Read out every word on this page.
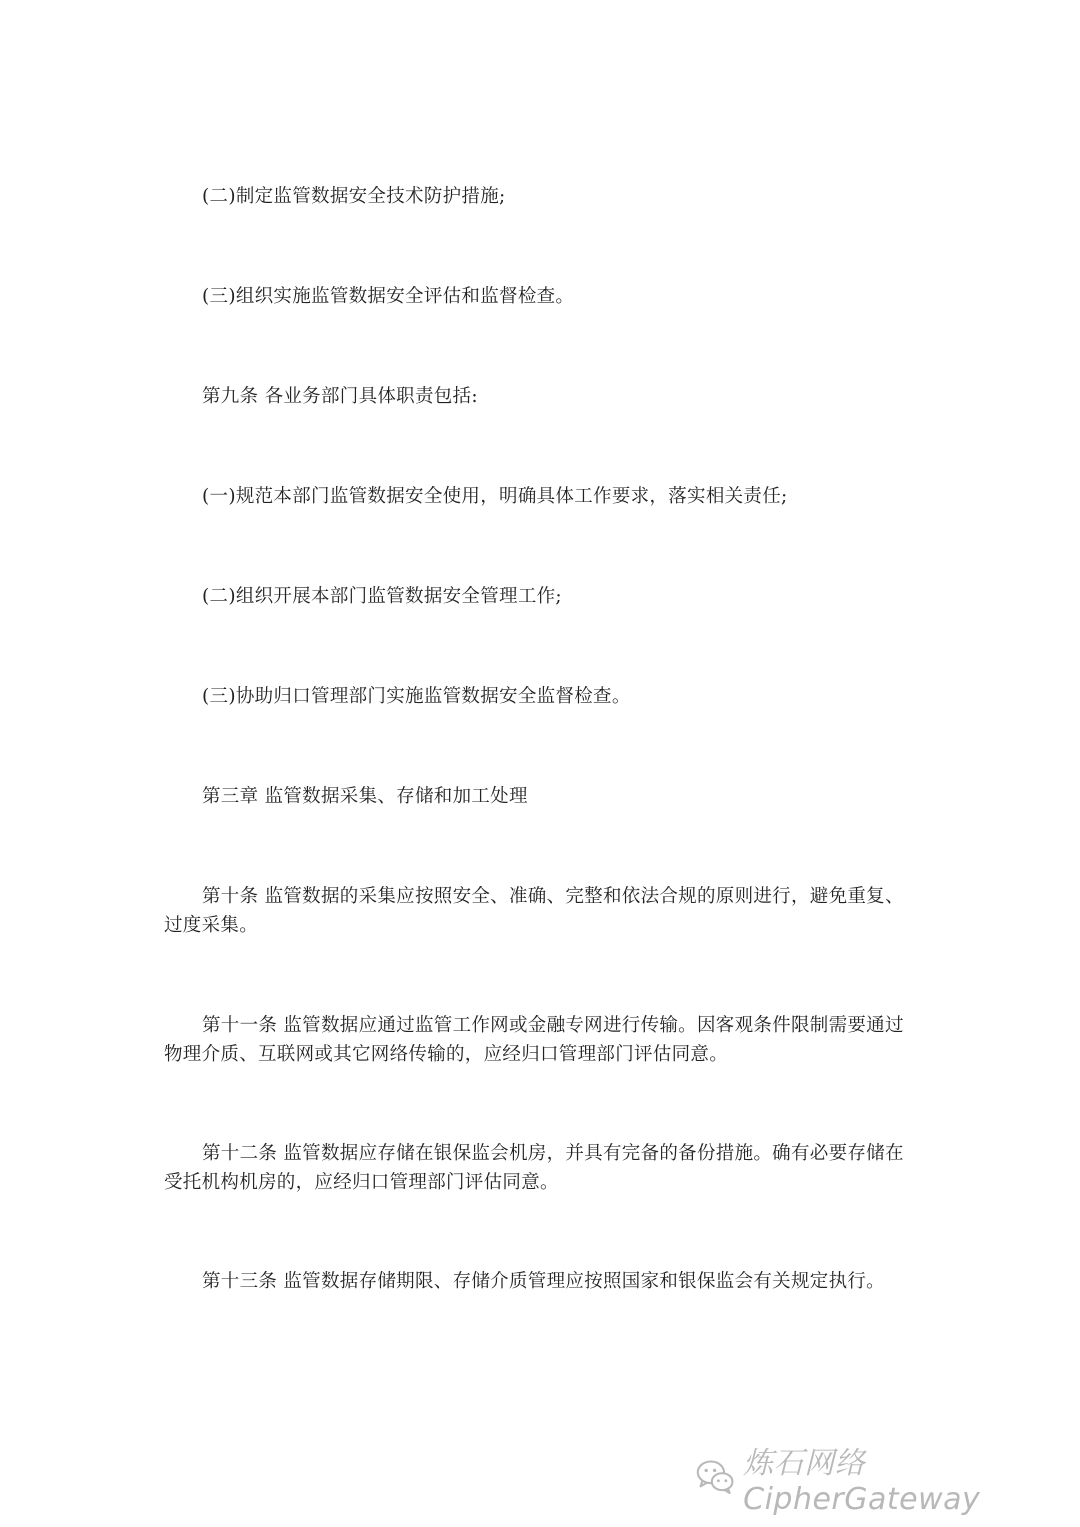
(二)制定监管数据安全技术防护措施;

(三)组织实施监管数据安全评估和监督检查。

第九条 各业务部门具体职责包括:

(一)规范本部门监管数据安全使用，明确具体工作要求，落实相关责任;

(二)组织开展本部门监管数据安全管理工作;

(三)协助归口管理部门实施监管数据安全监督检查。

第三章 监管数据采集、存储和加工处理

第十条 监管数据的采集应按照安全、准确、完整和依法合规的原则进行，避免重复、过度采集。

第十一条 监管数据应通过监管工作网或金融专网进行传输。因客观条件限制需要通过物理介质、互联网或其它网络传输的，应经归口管理部门评估同意。

第十二条 监管数据应存储在银保监会机房，并具有完备的备份措施。确有必要存储在受托机构机房的，应经归口管理部门评估同意。

第十三条 监管数据存储期限、存储介质管理应按照国家和银保监会有关规定执行。

炼石网络CipherGateway
